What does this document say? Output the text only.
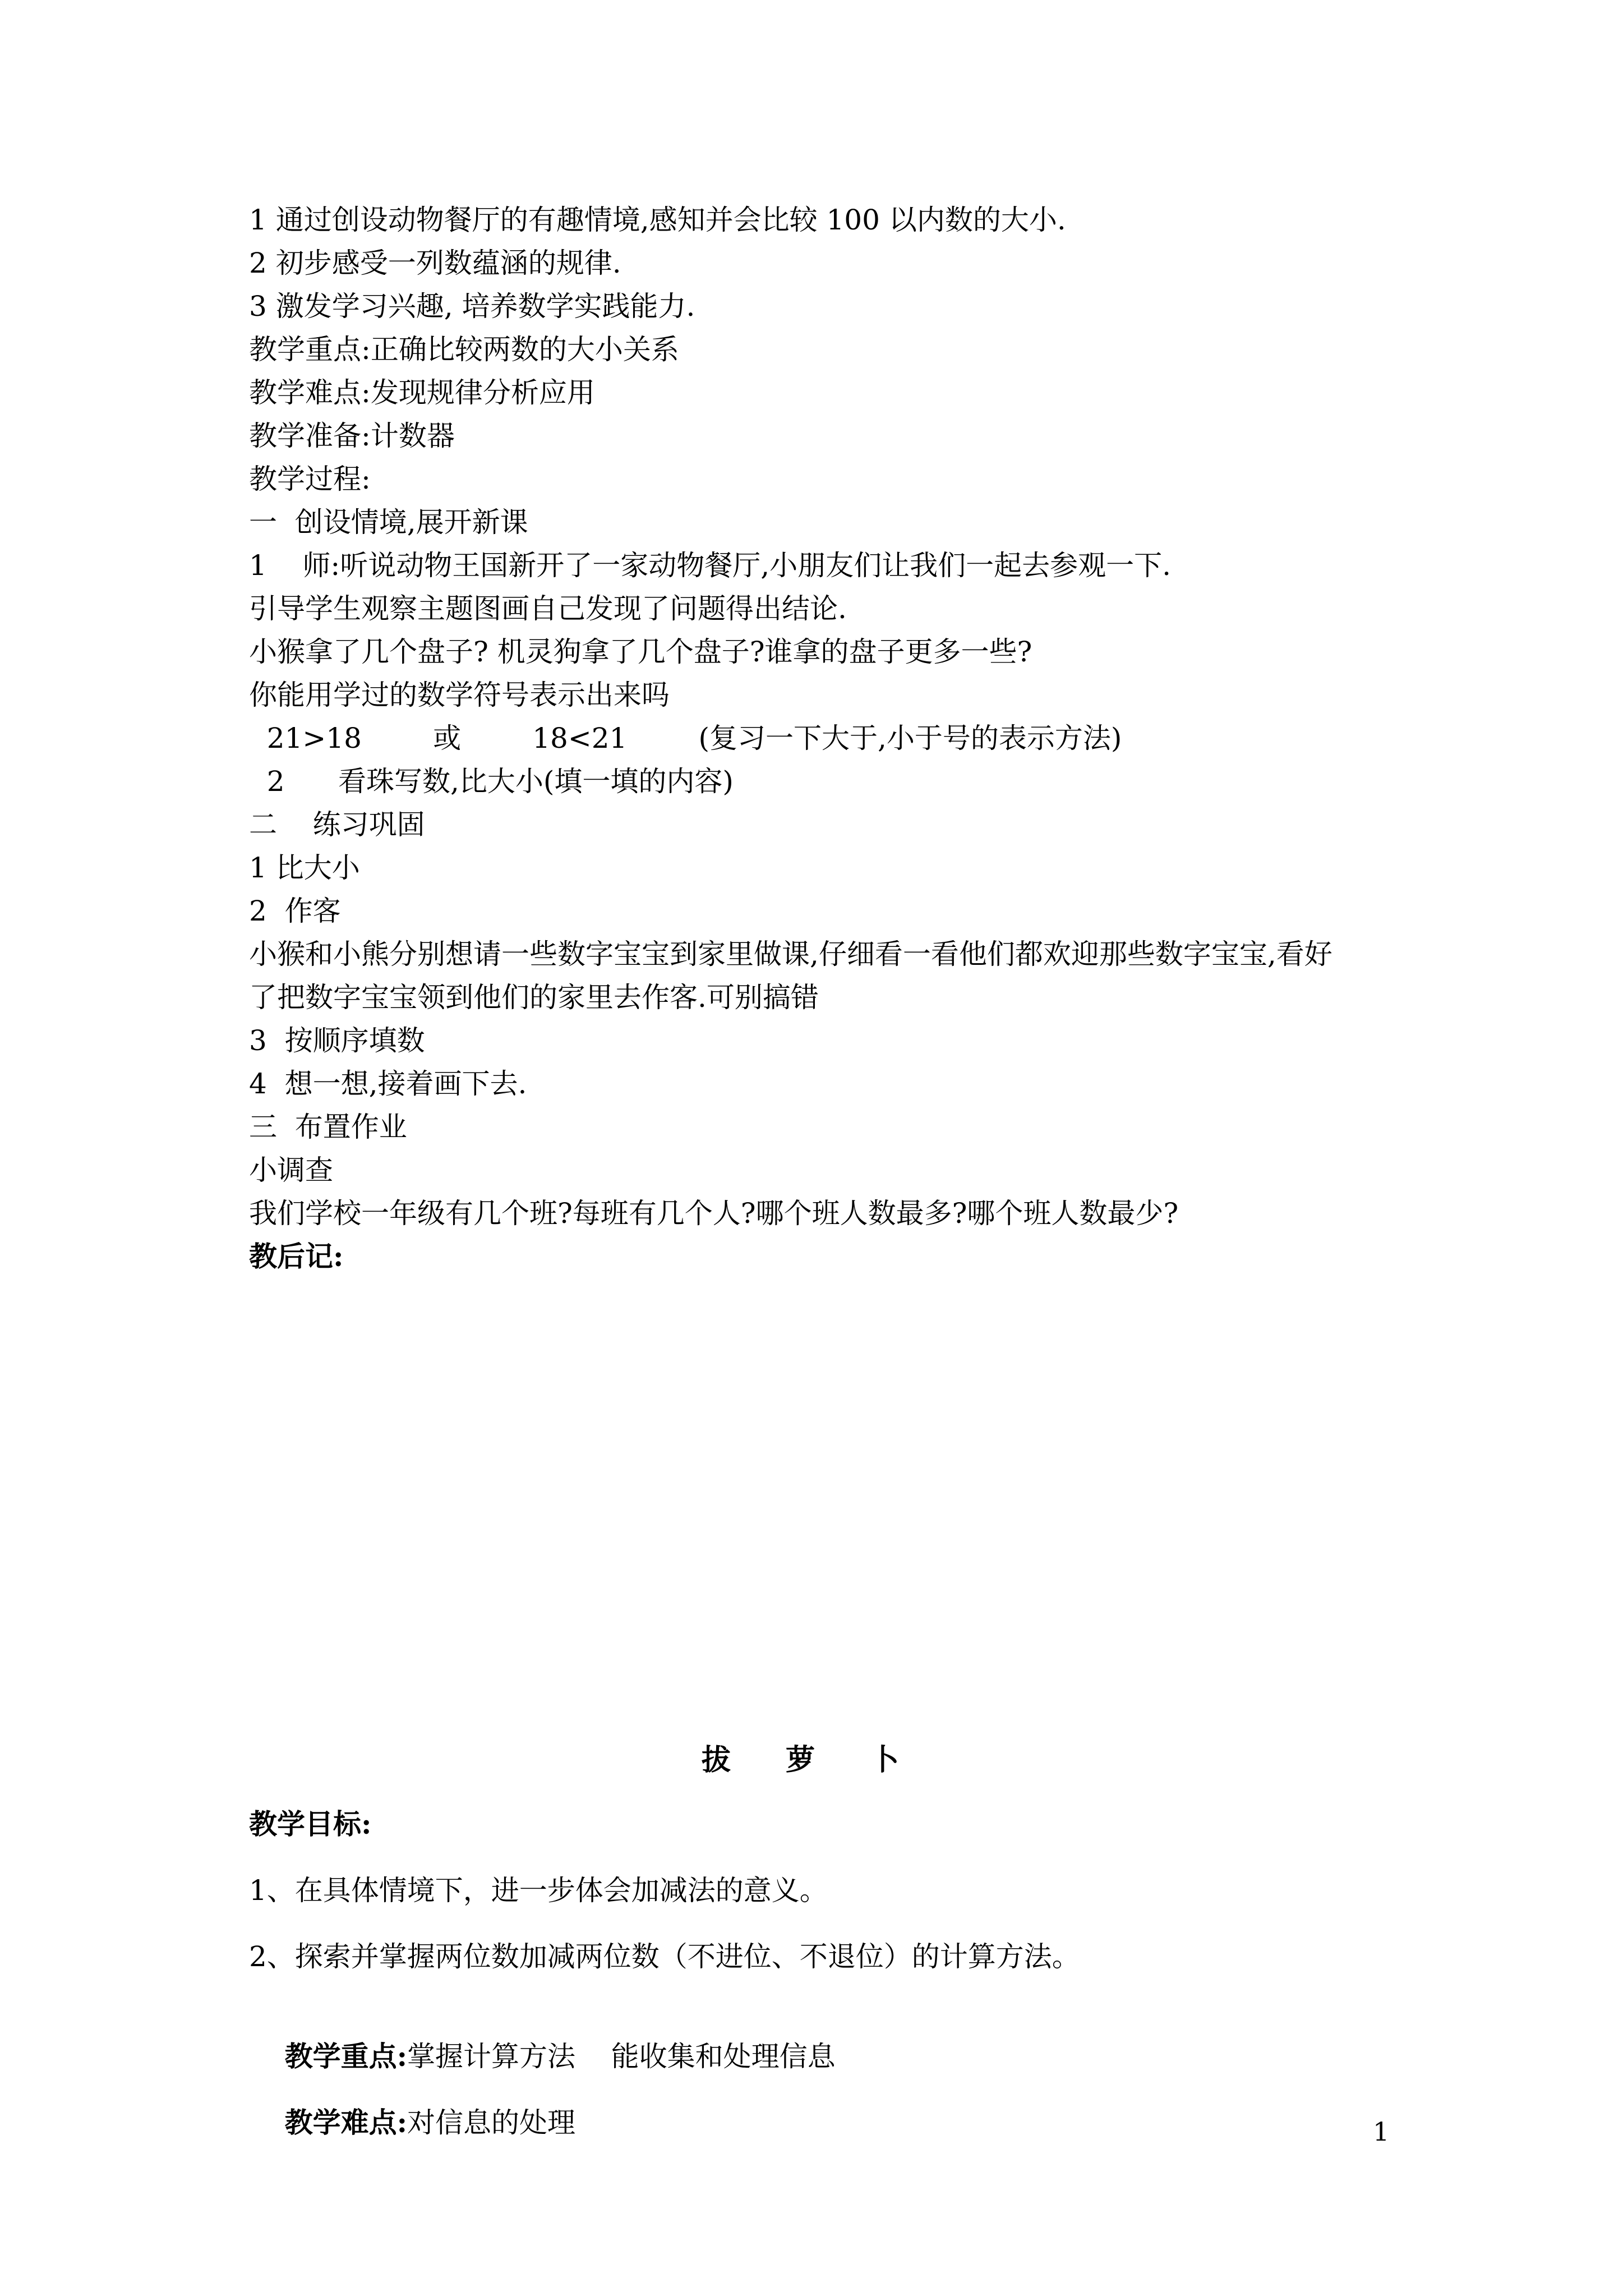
1 通过创设动物餐厅的有趣情境,感知并会比较 100 以内数的大小.
2 初步感受一列数蕴涵的规律.
3 激发学习兴趣, 培养数学实践能力.
教学重点:正确比较两数的大小关系
教学难点:发现规律分析应用
教学准备:计数器
教学过程:
一  创设情境,展开新课
1    师:听说动物王国新开了一家动物餐厅,小朋友们让我们一起去参观一下.
引导学生观察主题图画自己发现了问题得出结论.
小猴拿了几个盘子? 机灵狗拿了几个盘子?谁拿的盘子更多一些?
你能用学过的数学符号表示出来吗
21>18        或        18<21        (复习一下大于,小于号的表示方法)
2      看珠写数,比大小(填一填的内容)
二    练习巩固
1 比大小
2  作客
小猴和小熊分别想请一些数字宝宝到家里做课,仔细看一看他们都欢迎那些数字宝宝,看好
了把数字宝宝领到他们的家里去作客.可别搞错
3  按顺序填数
4  想一想,接着画下去.
三  布置作业
小调查
我们学校一年级有几个班?每班有几个人?哪个班人数最多?哪个班人数最少?
教后记:
拔 萝 卜
教学目标:
1、在具体情境下，进一步体会加减法的意义。
2、探索并掌握两位数加减两位数（不进位、不退位）的计算方法。

教学重点:掌握计算方法    能收集和处理信息

教学难点:对信息的处理
	1
